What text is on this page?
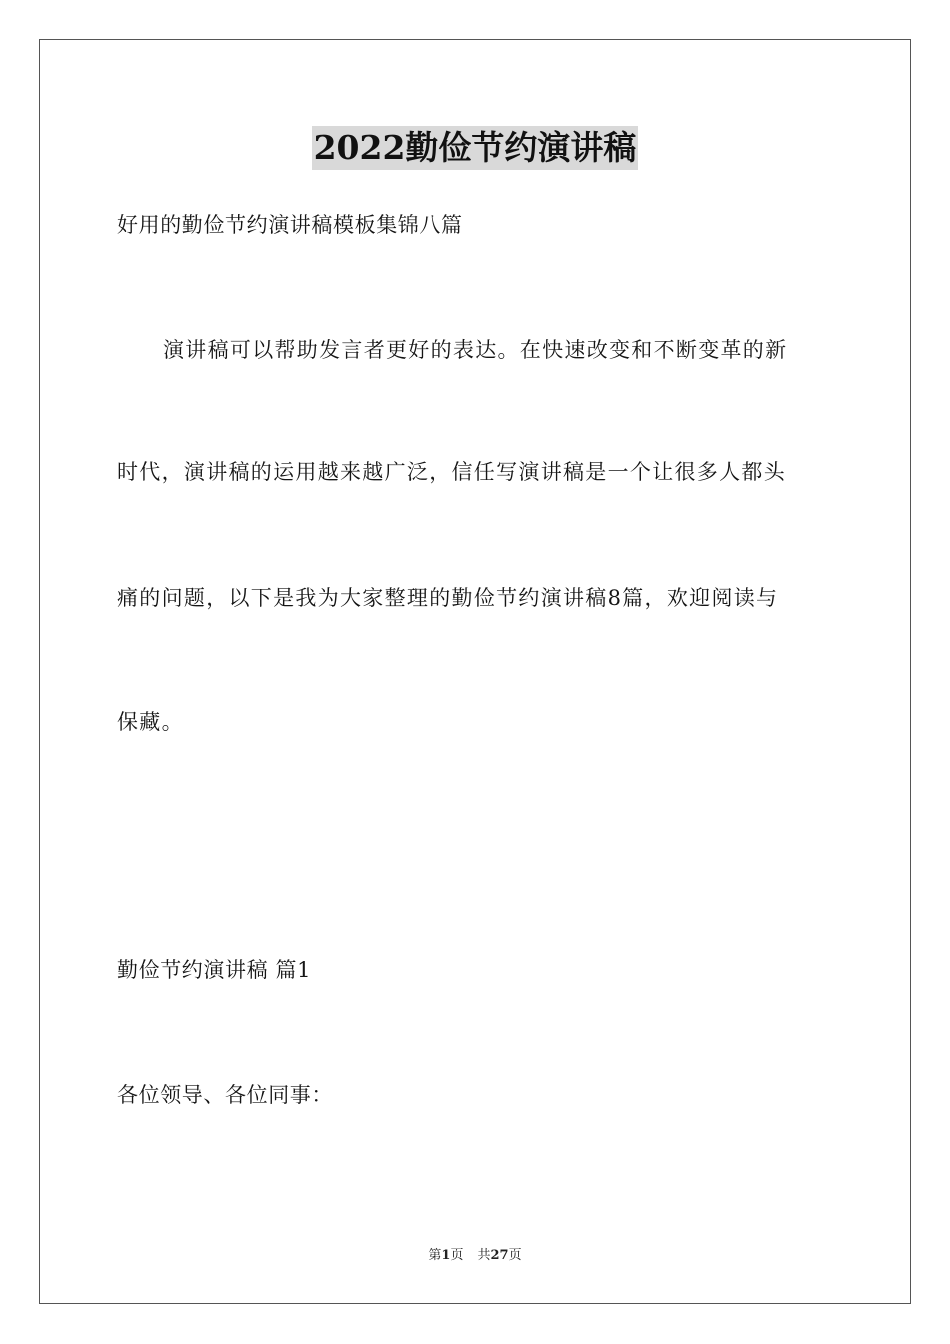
2022勤俭节约演讲稿
好用的勤俭节约演讲稿模板集锦八篇
演讲稿可以帮助发言者更好的表达。在快速改变和不断变革的新
时代，演讲稿的运用越来越广泛，信任写演讲稿是一个让很多人都头
痛的问题，以下是我为大家整理的勤俭节约演讲稿8篇，欢迎阅读与
保藏。
勤俭节约演讲稿 篇1
各位领导、各位同事：
第1页 共27页
